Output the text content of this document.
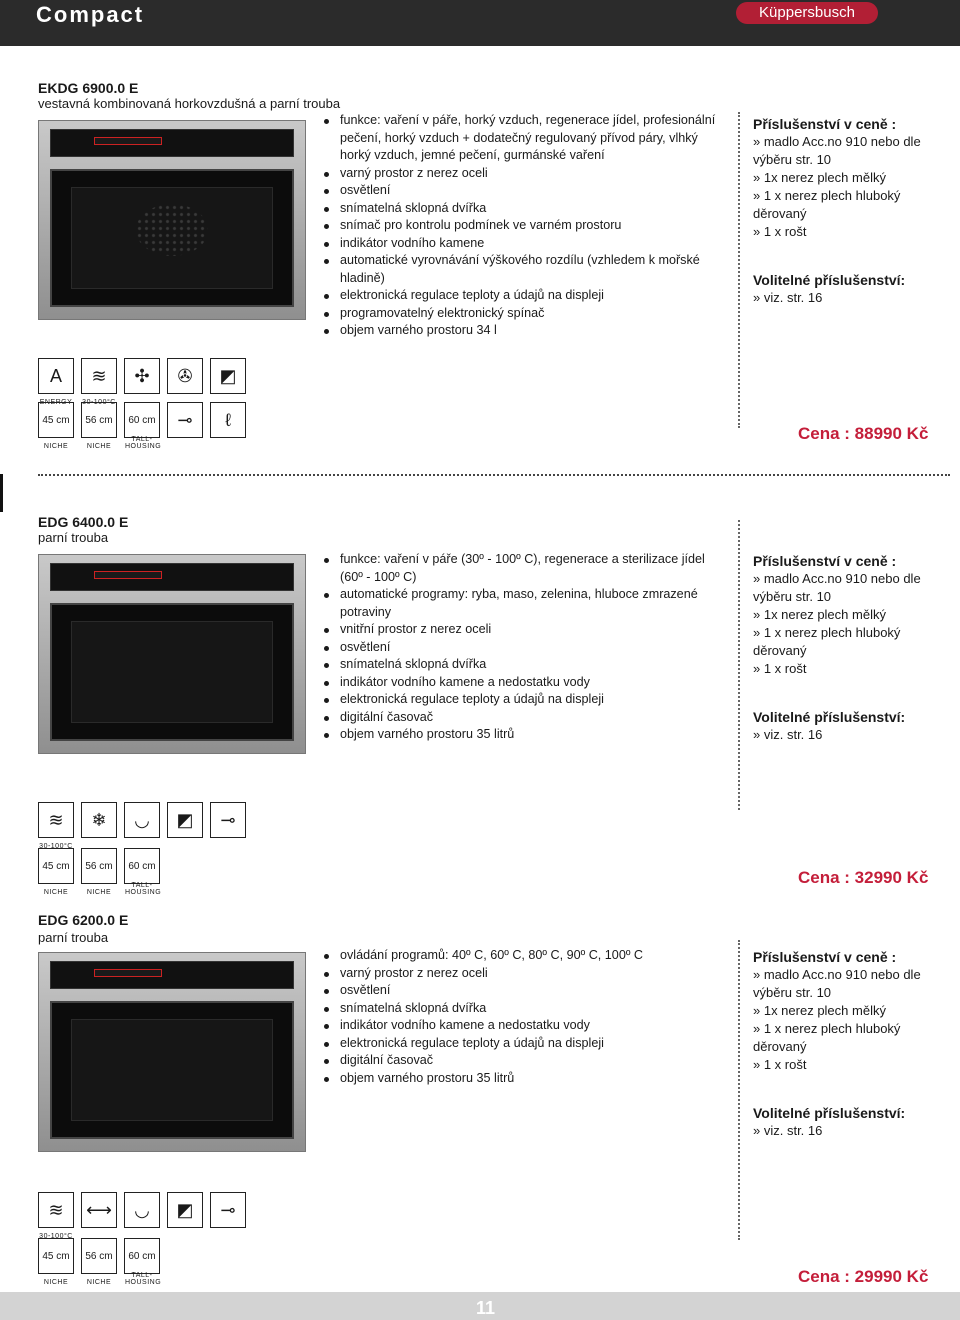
Compact	Küppersbusch
EKDG 6900.0 E
vestavná kombinovaná horkovzdušná a parní trouba
funkce: vaření v páře, horký vzduch, regenerace jídel, profesionální pečení, horký vzduch + dodatečný regulovaný přívod páry, vlhký horký vzduch, jemné pečení, gurmánské vaření
varný prostor z nerez oceli
osvětlení
snímatelná sklopná dvířka
snímač pro kontrolu podmínek ve varném prostoru
indikátor vodního kamene
automatické vyrovnávání výškového rozdílu (vzhledem k mořské hladině)
elektronická regulace teploty a údajů na displeji
programovatelný elektronický spínač
objem varného prostoru 34 l
Příslušenství v ceně :
» madlo Acc.no 910 nebo dle
výběru str. 10
» 1x nerez plech mělký
» 1 x nerez plech hluboký
děrovaný
» 1 x rošt
Volitelné příslušenství:
» viz. str. 16
A
ENERGY
≋
30-100°C
✣ ✇ ◩
45 cm
NICHE
56 cm
NICHE
60 cm
TALL-HOUSING
⊸ ℓ
Cena : 88990 Kč
EDG 6400.0 E
parní trouba
funkce: vaření v páře (30º - 100º C), regenerace a sterilizace jídel (60º - 100º C)
automatické programy: ryba, maso, zelenina, hluboce zmrazené potraviny
vnitřní prostor z nerez oceli
osvětlení
snímatelná sklopná dvířka
indikátor vodního kamene a nedostatku vody
elektronická regulace teploty a údajů na displeji
digitální časovač
objem varného prostoru 35 litrů
Příslušenství v ceně :
» madlo Acc.no 910 nebo dle
výběru str. 10
» 1x nerez plech mělký
» 1 x nerez plech hluboký
děrovaný
» 1 x rošt
Volitelné příslušenství:
» viz. str. 16
≋
30-100°C
❄ ◡ ◩ ⊸
45 cm
NICHE
56 cm
NICHE
60 cm
TALL-HOUSING
Cena : 32990 Kč
EDG 6200.0 E
parní trouba
ovládání programů: 40º C, 60º C, 80º C, 90º C, 100º C
varný prostor z nerez oceli
osvětlení
snímatelná sklopná dvířka
indikátor vodního kamene a nedostatku vody
elektronická regulace teploty a údajů na displeji
digitální časovač
objem varného prostoru 35 litrů
Příslušenství v ceně :
» madlo Acc.no 910 nebo dle
výběru str. 10
» 1x nerez plech mělký
» 1 x nerez plech hluboký
děrovaný
» 1 x rošt
Volitelné příslušenství:
» viz. str. 16
≋
30-100°C
⟷ ◡ ◩ ⊸
45 cm
NICHE
56 cm
NICHE
60 cm
TALL-HOUSING	Cena : 29990 Kč
11
